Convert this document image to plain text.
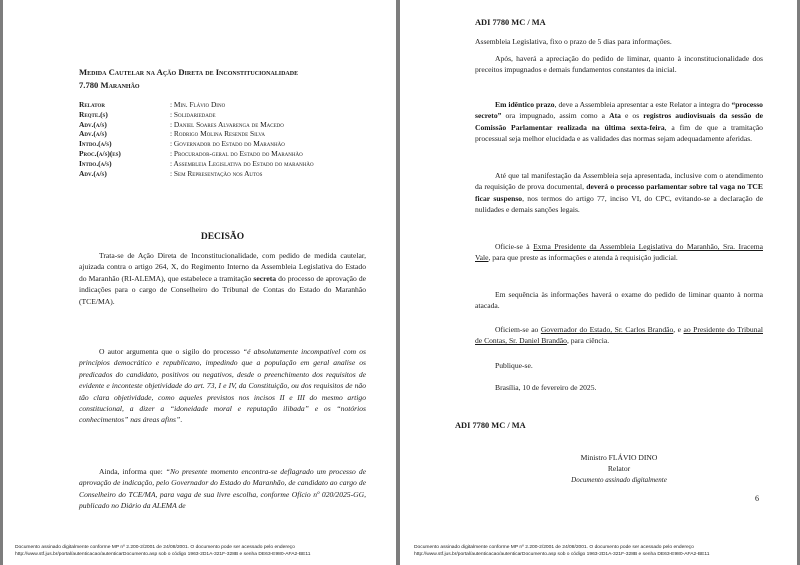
Medida Cautelar na Ação Direta de Inconstitucionalidade
7.780 Maranhão
Relator	: Min. Flávio Dino
Reqte.(s)	: Solidariedade
Adv.(a/s)	: Daniel Soares Alvarenga de Macedo
Adv.(a/s)	: Rodrigo Molina Resende Silva
Intdo.(a/s)	: Governador do Estado do Maranhão
Proc.(a/s)(es)	: Procurador-geral do Estado do Maranhão
Intdo.(a/s)	: Assembleia Legislativa do Estado do maranhão
Adv.(a/s)	: Sem Representação nos Autos
DECISÃO
Trata-se de Ação Direta de Inconstitucionalidade, com pedido de medida cautelar, ajuizada contra o artigo 264, X, do Regimento Interno da Assembleia Legislativa do Estado do Maranhão (RI-ALEMA), que estabelece a tramitação secreta do processo de aprovação de indicações para o cargo de Conselheiro do Tribunal de Contas do Estado do Maranhão (TCE/MA).
O autor argumenta que o sigilo do processo “é absolutamente incompatível com os princípios democrático e republicano, impedindo que a população em geral analise os predicados do candidato, positivos ou negativos, desde o preenchimento dos requisitos de evidente e inconteste objetividade do art. 73, I e IV, da Constituição, ou dos requisitos de não tão clara objetividade, como aqueles previstos nos incisos II e III do mesmo artigo constitucional, a dizer a “idoneidade moral e reputação ilibada” e os “notórios conhecimentos” nas áreas afins”.
Ainda, informa que: “No presente momento encontra-se deflagrado um processo de aprovação de indicação, pelo Governador do Estado do Maranhão, de candidato ao cargo de Conselheiro do TCE/MA, para vaga de sua livre escolha, conforme Ofício nº 020/2025-GG, publicado no Diário da ALEMA de
Documento assinado digitalmente conforme MP nº 2.200-2/2001 de 24/08/2001. O documento pode ser acessado pelo endereço
http://www.stf.jus.br/portal/autenticacao/autenticarDocumento.asp sob o código 1963-2D1A-321F-328B e senha DE63-E980-AFA2-BE11
ADI 7780 MC / MA
Assembleia Legislativa, fixo o prazo de 5 dias para informações.
Após, haverá a apreciação do pedido de liminar, quanto à inconstitucionalidade dos preceitos impugnados e demais fundamentos constantes da inicial.
Em idêntico prazo, deve a Assembleia apresentar a este Relator a integra do “processo secreto” ora impugnado, assim como a Ata e os registros audiovisuais da sessão de Comissão Parlamentar realizada na última sexta-feira, a fim de que a tramitação processual seja melhor elucidada e as validades das normas sejam adequadamente aferidas.
Até que tal manifestação da Assembleia seja apresentada, inclusive com o atendimento da requisição de prova documental, deverá o processo parlamentar sobre tal vaga no TCE ficar suspenso, nos termos do artigo 77, inciso VI, do CPC, evitando-se a declaração de nulidades e demais sanções legais.
Oficie-se à Exma Presidente da Assembleia Legislativa do Maranhão, Sra. Iracema Vale, para que preste as informações e atenda à requisição judicial.
Em sequência às informações haverá o exame do pedido de liminar quanto à norma atacada.
Oficiem-se ao Governador do Estado, Sr. Carlos Brandão, e ao Presidente do Tribunal de Contas, Sr. Daniel Brandão, para ciência.
Publique-se.
Brasília, 10 de fevereiro de 2025.
ADI 7780 MC / MA
Ministro FLÁVIO DINO
Relator
Documento assinado digitalmente
6
Documento assinado digitalmente conforme MP nº 2.200-2/2001 de 24/08/2001. O documento pode ser acessado pelo endereço
http://www.stf.jus.br/portal/autenticacao/autenticarDocumento.asp sob o código 1963-2D1A-321F-328B e senha DE63-E980-AFA2-BE11
